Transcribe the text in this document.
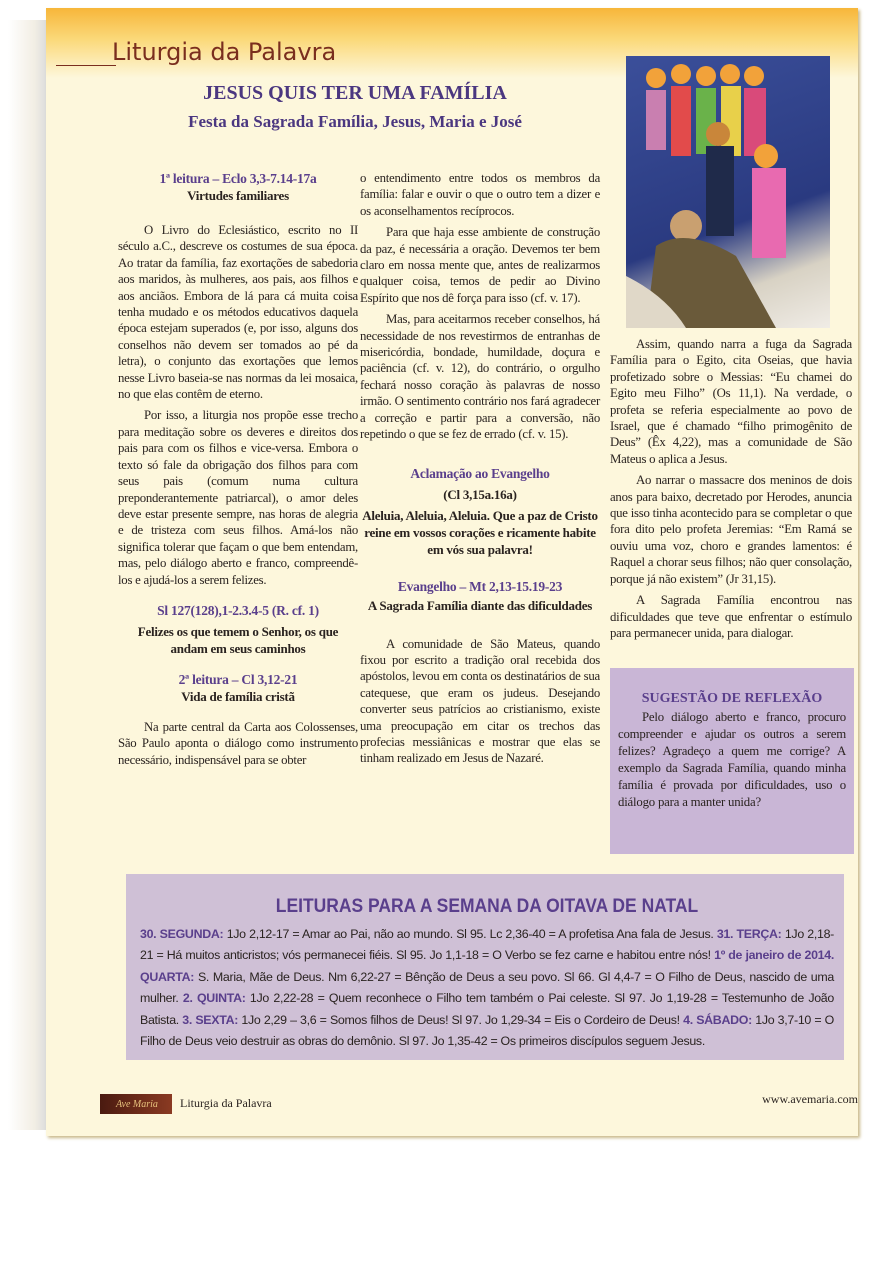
Liturgia da Palavra
JESUS QUIS TER UMA FAMÍLIA
Festa da Sagrada Família, Jesus, Maria e José
1ª leitura – Eclo 3,3-7.14-17a
Virtudes familiares

O Livro do Eclesiástico, escrito no II século a.C., descreve os costumes de sua época. Ao tratar da família, faz exortações de sabedoria aos maridos, às mulheres, aos pais, aos filhos e aos anciãos. Embora de lá para cá muita coisa tenha mudado e os métodos educativos daquela época estejam superados (e, por isso, alguns dos conselhos não devem ser tomados ao pé da letra), o conjunto das exortações que lemos nesse Livro baseia-se nas normas da lei mosaica, no que elas contêm de eterno.

Por isso, a liturgia nos propõe esse trecho para meditação sobre os deveres e direitos dos pais para com os filhos e vice-versa. Embora o texto só fale da obrigação dos filhos para com seus pais (comum numa cultura preponderantemente patriarcal), o amor deles deve estar presente sempre, nas horas de alegria e de tristeza com seus filhos. Amá-los não significa tolerar que façam o que bem entendam, mas, pelo diálogo aberto e franco, compreendê-los e ajudá-los a serem felizes.

Sl 127(128),1-2.3.4-5 (R. cf. 1)
Felizes os que temem o Senhor, os que andam em seus caminhos
2ª leitura – Cl 3,12-21
Vida de família cristã

Na parte central da Carta aos Colossenses, São Paulo aponta o diálogo como instrumento necessário, indispensável para se obter

o entendimento entre todos os membros da família: falar e ouvir o que o outro tem a dizer e os aconselhamentos recíprocos.

Para que haja esse ambiente de construção da paz, é necessária a oração. Devemos ter bem claro em nossa mente que, antes de realizarmos qualquer coisa, temos de pedir ao Divino Espírito que nos dê força para isso (cf. v. 17).

Mas, para aceitarmos receber conselhos, há necessidade de nos revestirmos de entranhas de misericórdia, bondade, humildade, doçura e paciência (cf. v. 12), do contrário, o orgulho fechará nosso coração às palavras de nosso irmão. O sentimento contrário nos fará agradecer a correção e partir para a conversão, não repetindo o que se fez de errado (cf. v. 15).

Aclamação ao Evangelho
(Cl 3,15a.16a)
Aleluia, Aleluia, Aleluia. Que a paz de Cristo reine em vossos corações e ricamente habite em vós sua palavra!
Evangelho – Mt 2,13-15.19-23
A Sagrada Família diante das dificuldades

A comunidade de São Mateus, quando fixou por escrito a tradição oral recebida dos apóstolos, levou em conta os destinatários de sua catequese, que eram os judeus. Desejando converter seus patrícios ao cristianismo, existe uma preocupação em citar os trechos das profecias messiânicas e mostrar que elas se tinham realizado em Jesus de Nazaré.

Assim, quando narra a fuga da Sagrada Família para o Egito, cita Oseias, que havia profetizado sobre o Messias: “Eu chamei do Egito meu Filho” (Os 11,1). Na verdade, o profeta se referia especialmente ao povo de Israel, que é chamado “filho primogênito de Deus” (Êx 4,22), mas a comunidade de São Mateus o aplica a Jesus.

Ao narrar o massacre dos meninos de dois anos para baixo, decretado por Herodes, anuncia que isso tinha acontecido para se completar o que fora dito pelo profeta Jeremias: “Em Ramá se ouviu uma voz, choro e grandes lamentos: é Raquel a chorar seus filhos; não quer consolação, porque já não existem” (Jr 31,15).

A Sagrada Família encontrou nas dificuldades que teve que enfrentar o estímulo para permanecer unida, para dialogar.

SUGESTÃO DE REFLEXÃO

Pelo diálogo aberto e franco, procuro compreender e ajudar os outros a serem felizes? Agradeço a quem me corrige? A exemplo da Sagrada Família, quando minha família é provada por dificuldades, uso o diálogo para a manter unida?

LEITURAS PARA A SEMANA DA OITAVA DE NATAL
30. SEGUNDA: 1Jo 2,12-17 = Amar ao Pai, não ao mundo. Sl 95. Lc 2,36-40 = A profetisa Ana fala de Jesus. 31. TERÇA: 1Jo 2,18-21 = Há muitos anticristos; vós permanecei fiéis. Sl 95. Jo 1,1-18 = O Verbo se fez carne e habitou entre nós! 1º de janeiro de 2014. QUARTA: S. Maria, Mãe de Deus. Nm 6,22-27 = Bênção de Deus a seu povo. Sl 66. Gl 4,4-7 = O Filho de Deus, nascido de uma mulher. 2. QUINTA: 1Jo 2,22-28 = Quem reconhece o Filho tem também o Pai celeste. Sl 97. Jo 1,19-28 = Testemunho de João Batista. 3. SEXTA: 1Jo 2,29 – 3,6 = Somos filhos de Deus! Sl 97. Jo 1,29-34 = Eis o Cordeiro de Deus! 4. SÁBADO: 1Jo 3,7-10 = O Filho de Deus veio destruir as obras do demônio. Sl 97. Jo 1,35-42 = Os primeiros discípulos seguem Jesus.
Ave Maria	Liturgia da Palavra	www.avemaria.com
